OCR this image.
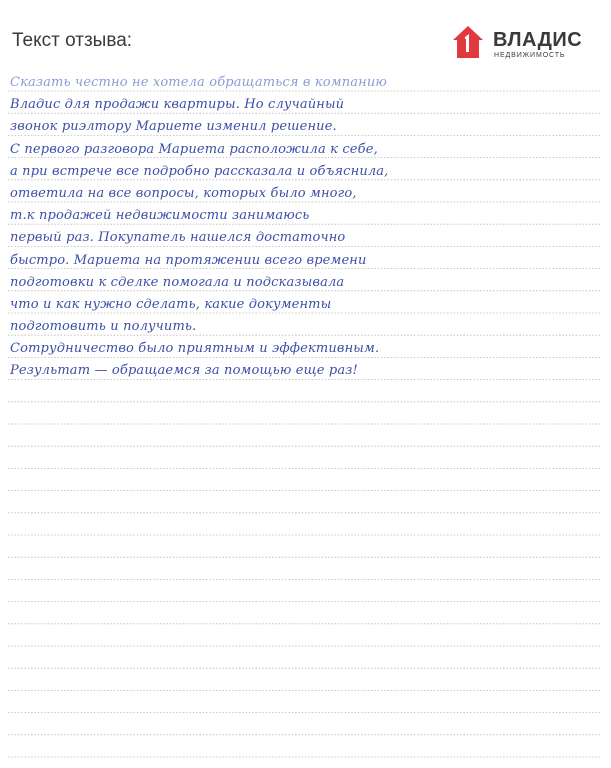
Текст отзыва:	ВЛАДИС
НЕДВИЖИМОСТЬ
Сказать честно не хотела обращаться в компанию
Владис для продажи квартиры. Но случайный
звонок риэлтору Мариете изменил решение.
С первого разговора Мариета расположила к себе,
а при встрече все подробно рассказала и объяснила,
ответила на все вопросы, которых было много,
т.к продажей недвижимости занимаюсь
первый раз. Покупатель нашелся достаточно
быстро. Мариета на протяжении всего времени
подготовки к сделке помогала и подсказывала
что и как нужно сделать, какие документы
подготовить и получить.
Сотрудничество было приятным и эффективным.
Результат — обращаемся за помощью еще раз!
